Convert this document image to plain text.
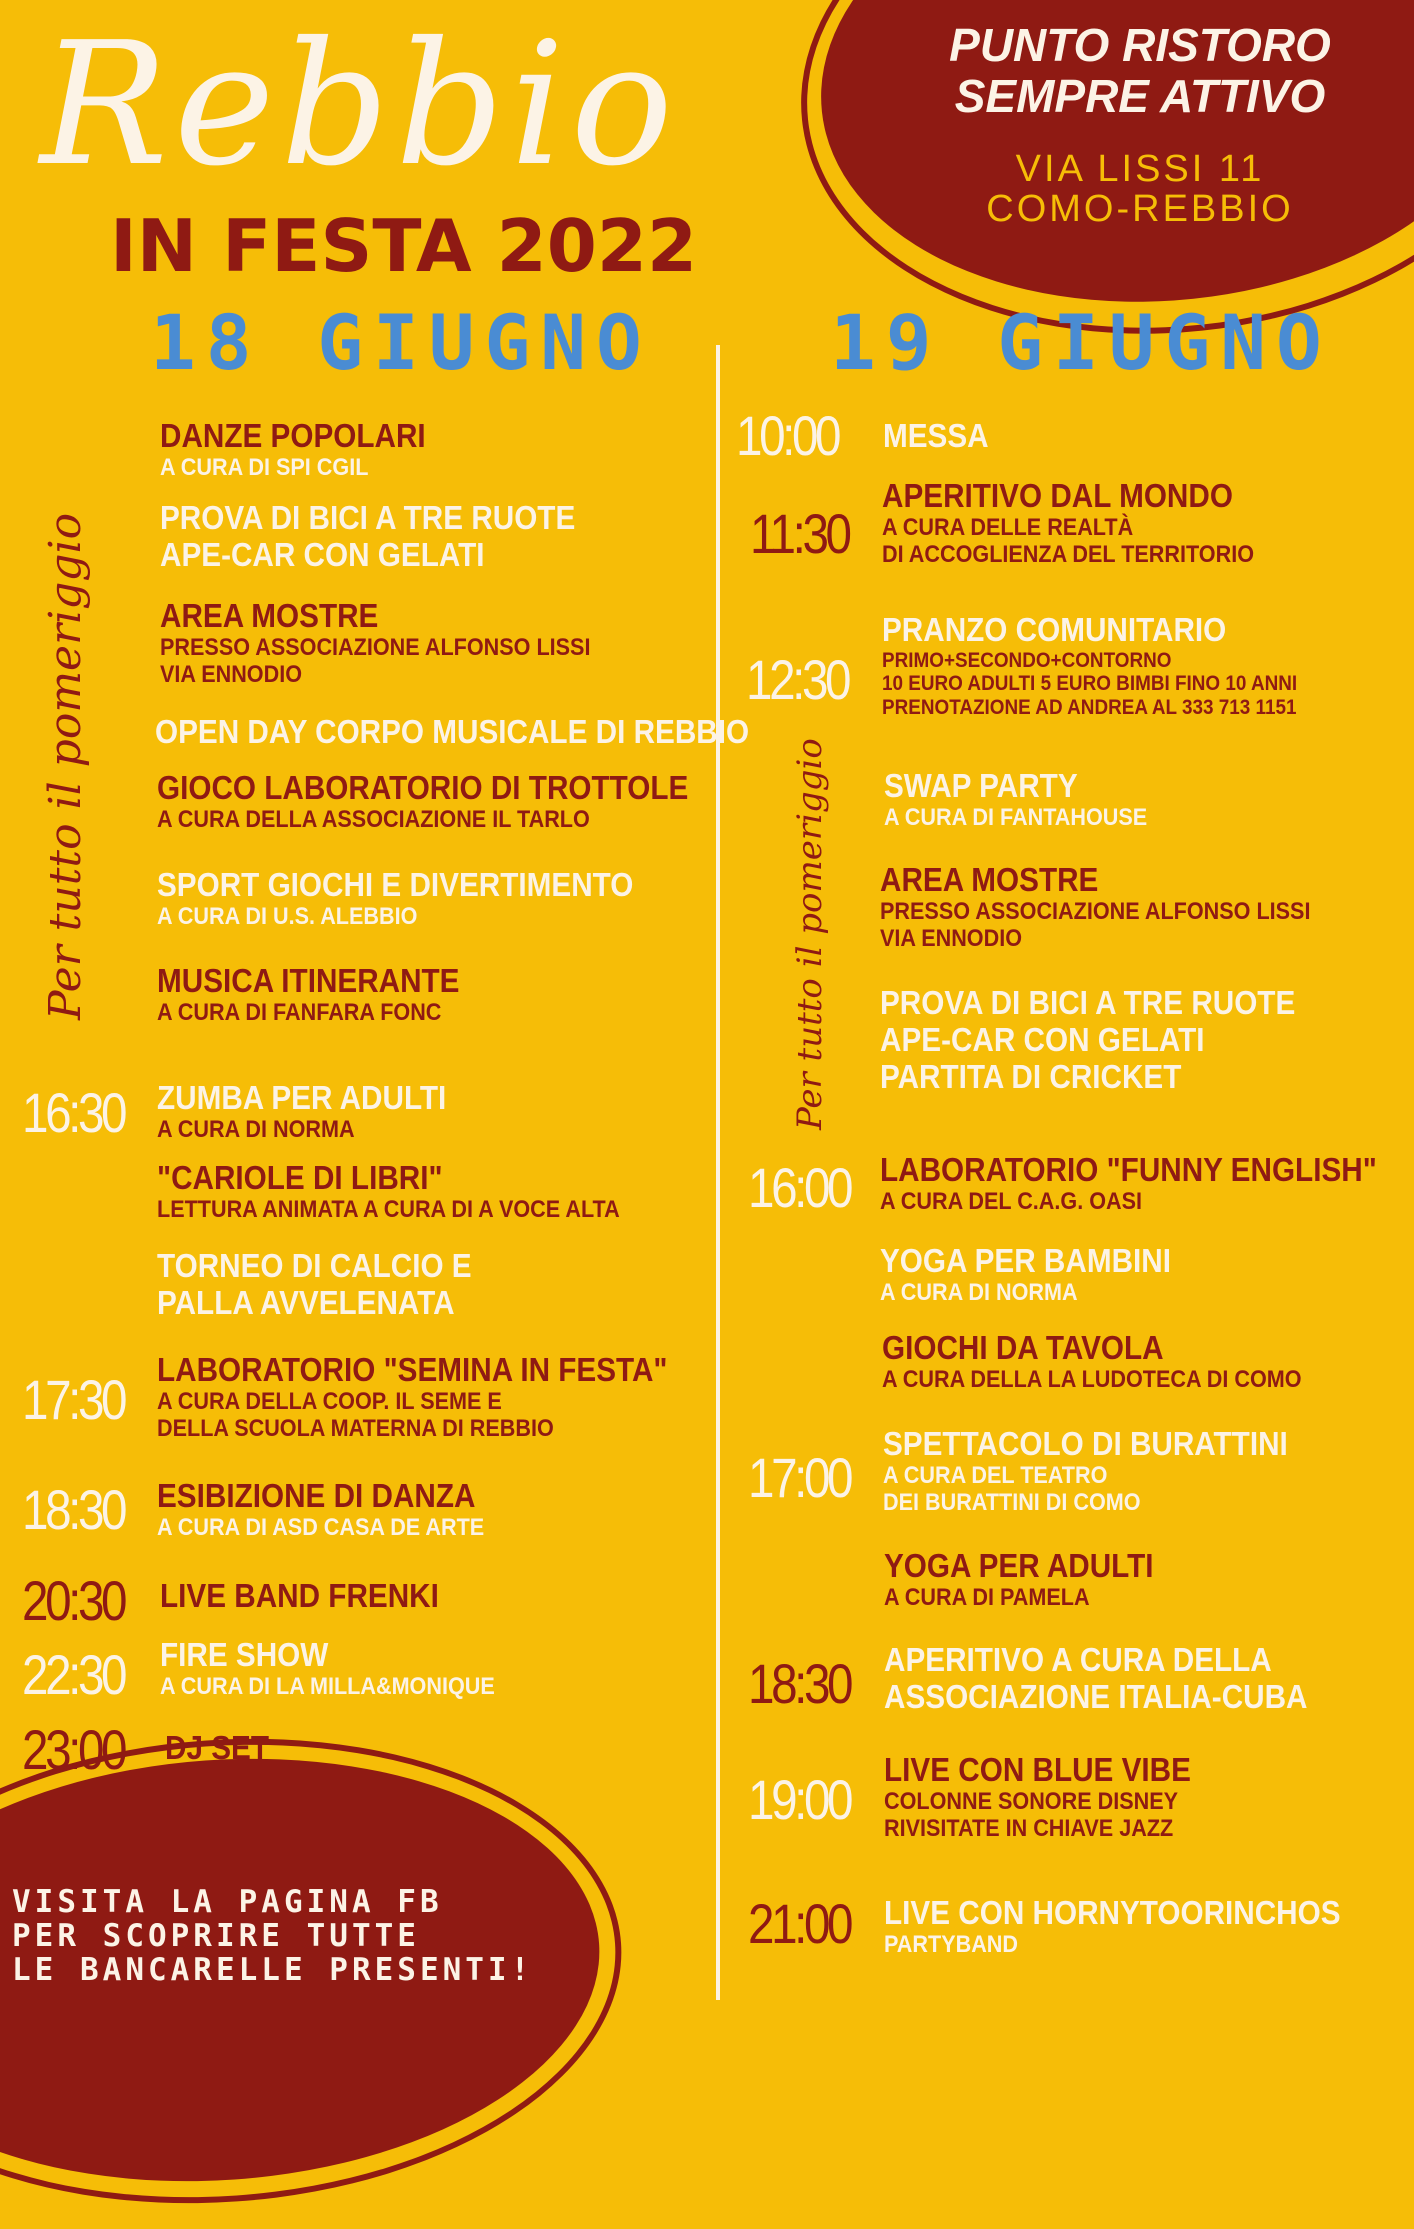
Rebbio
IN FESTA 2022
PUNTO RISTORO
SEMPRE ATTIVO
VIA LISSI 11
COMO-REBBIO
18 GIUGNO 19 GIUGNO
Per tutto il pomeriggio	Per tutto il pomeriggio
DANZE POPOLARI
A CURA DI SPI CGIL
PROVA DI BICI A TRE RUOTE
APE-CAR CON GELATI
AREA MOSTRE
PRESSO ASSOCIAZIONE ALFONSO LISSI
VIA ENNODIO
OPEN DAY CORPO MUSICALE DI REBBIO
GIOCO LABORATORIO DI TROTTOLE
A CURA DELLA ASSOCIAZIONE IL TARLO
SPORT GIOCHI E DIVERTIMENTO
A CURA DI U.S. ALEBBIO
MUSICA ITINERANTE
A CURA DI FANFARA FONC
16:30 ZUMBA PER ADULTI
A CURA DI NORMA
"CARIOLE DI LIBRI"
LETTURA ANIMATA A CURA DI A VOCE ALTA
TORNEO DI CALCIO E
PALLA AVVELENATA
17:30 LABORATORIO "SEMINA IN FESTA"
A CURA DELLA COOP. IL SEME E
DELLA SCUOLA MATERNA DI REBBIO
18:30 ESIBIZIONE DI DANZA
A CURA DI ASD CASA DE ARTE
20:30 LIVE BAND FRENKI
22:30 FIRE SHOW
A CURA DI LA MILLA&MONIQUE
23:00 DJ SET
10:00 MESSA
11:30
APERITIVO DAL MONDO
A CURA DELLE REALTÀ
DI ACCOGLIENZA DEL TERRITORIO
12:30
PRANZO COMUNITARIO
PRIMO+SECONDO+CONTORNO
10 EURO ADULTI 5 EURO BIMBI FINO 10 ANNI
PRENOTAZIONE AD ANDREA AL 333 713 1151
SWAP PARTY
A CURA DI FANTAHOUSE
AREA MOSTRE
PRESSO ASSOCIAZIONE ALFONSO LISSI
VIA ENNODIO
PROVA DI BICI A TRE RUOTE
APE-CAR CON GELATI
PARTITA DI CRICKET
16:00 LABORATORIO "FUNNY ENGLISH"
A CURA DEL C.A.G. OASI
YOGA PER BAMBINI
A CURA DI NORMA
GIOCHI DA TAVOLA
A CURA DELLA LA LUDOTECA DI COMO
17:00
SPETTACOLO DI BURATTINI
A CURA DEL TEATRO
DEI BURATTINI DI COMO
YOGA PER ADULTI
A CURA DI PAMELA
18:30 APERITIVO A CURA DELLA
ASSOCIAZIONE ITALIA-CUBA
19:00 LIVE CON BLUE VIBE
COLONNE SONORE DISNEY
RIVISITATE IN CHIAVE JAZZ
21:00 LIVE CON HORNYTOORINCHOS
PARTYBAND
VISITA LA PAGINA FB
PER SCOPRIRE TUTTE
LE BANCARELLE PRESENTI!
